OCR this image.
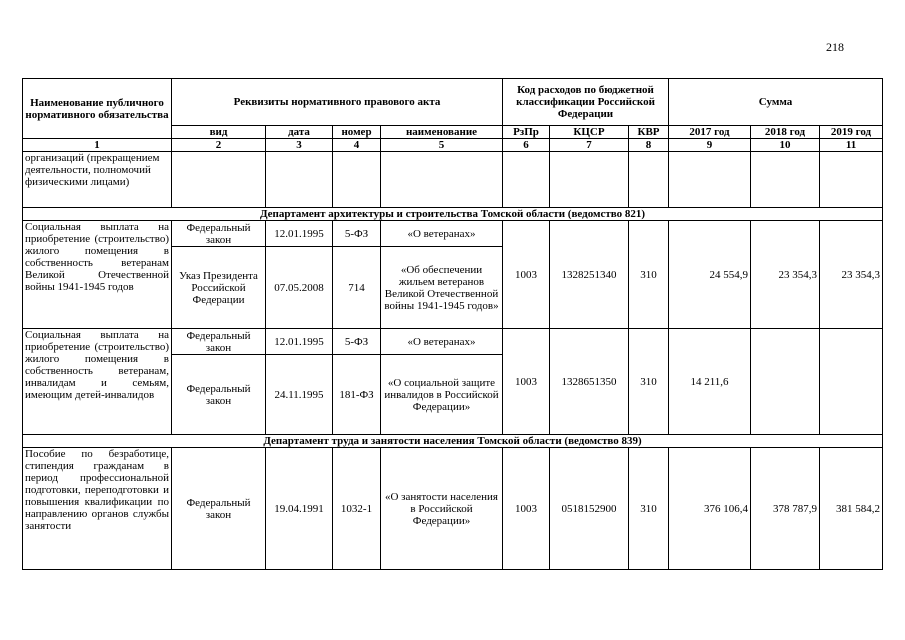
218
Наименование публичного нормативного обязательства	Реквизиты нормативного правового акта				Код расходов по бюджетной классификации Российской Федерации			Сумма		
	вид	дата	номер	наименование	РзПр	КЦСР	КВР	2017 год	2018 год	2019 год
1	2	3	4	5	6	7	8	9	10	11
организаций (прекращением деятельности, полномочий физическими лицами)										
Департамент архитектуры и строительства Томской области (ведомство 821)										
Социальная выплата на приобретение (строительство) жилого помещения в собственность ветеранам Великой Отечественной войны 1941-1945 годов	Федеральный закон	12.01.1995	5-ФЗ	«О ветеранах»	1003	1328251340	310	24 554,9	23 354,3	23 354,3
	Указ Президента Российской Федерации	07.05.2008	714	«Об обеспечении жильем ветеранов Великой Отечественной войны 1941-1945 годов»						
Социальная выплата на приобретение (строительство) жилого помещения в собственность ветеранам, инвалидам и семьям, имеющим детей-инвалидов	Федеральный закон	12.01.1995	5-ФЗ	«О ветеранах»	1003	1328651350	310	14 211,6		
	Федеральный закон	24.11.1995	181-ФЗ	«О социальной защите инвалидов в Российской Федерации»						
Департамент труда и занятости населения Томской области (ведомство 839)										
Пособие по безработице, стипендия гражданам в период профессиональной подготовки, переподготовки и повышения квалификации по направлению органов службы занятости	Федеральный закон	19.04.1991	1032-1	«О занятости населения в Российской Федерации»	1003	0518152900	310	376 106,4	378 787,9	381 584,2
